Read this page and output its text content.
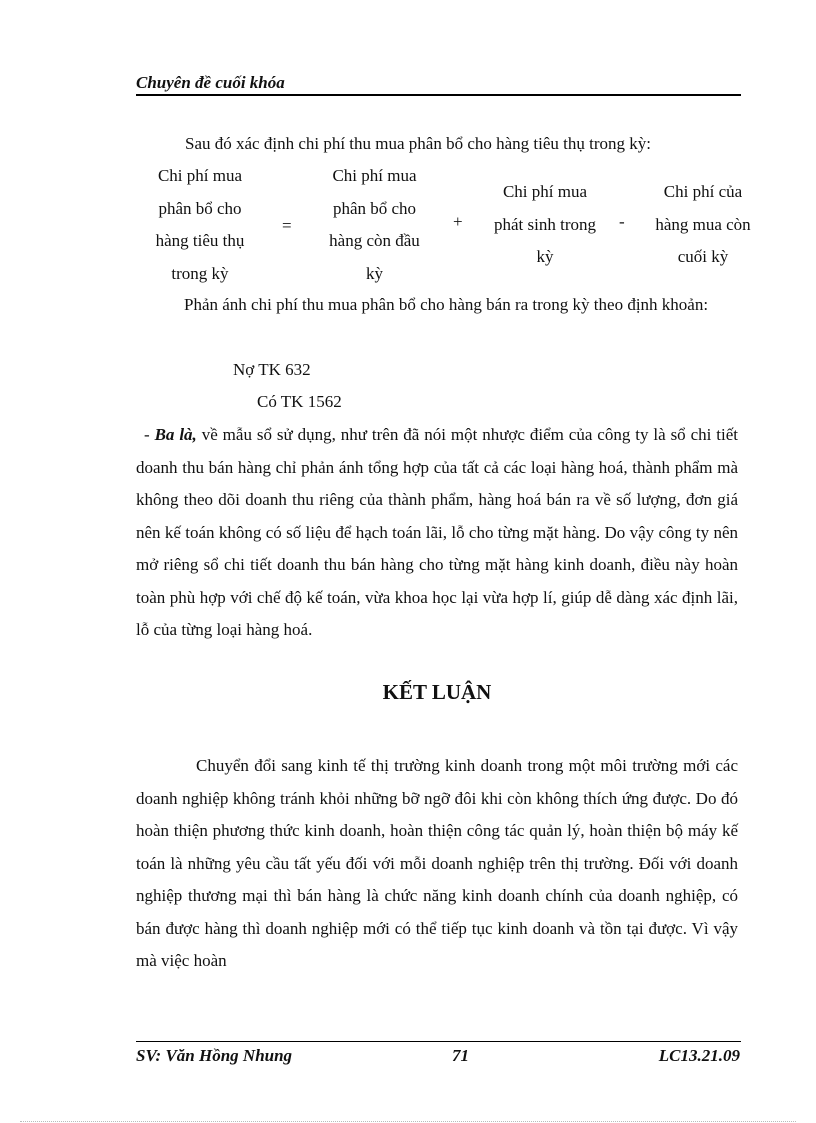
Chuyên đề cuối khóa
Sau đó xác định chi phí thu mua phân bổ cho hàng tiêu thụ trong kỳ:
Chi phí mua
phân bổ cho
hàng tiêu thụ
trong kỳ
=
Chi phí mua
phân bổ cho
hàng còn đầu
kỳ
+
Chi phí mua
phát sinh trong
kỳ
-
Chi phí của
hàng mua còn
cuối kỳ
Phản ánh chi phí thu mua phân bổ cho hàng bán ra trong kỳ theo định khoản:
Nợ TK 632
Có TK 1562
- Ba là, về mẫu sổ sử dụng, như trên đã nói một nhược điểm của công ty là sổ chi tiết doanh thu bán hàng chỉ phản ánh tổng hợp của tất cả các loại hàng hoá, thành phẩm mà không theo dõi doanh thu riêng của thành phẩm, hàng hoá bán ra về số lượng, đơn giá nên kế toán không có số liệu để hạch toán lãi, lỗ cho từng mặt hàng. Do vậy công ty nên mở riêng sổ chi tiết doanh thu bán hàng cho từng mặt hàng kinh doanh, điều này hoàn toàn phù hợp với chế độ kế toán, vừa khoa học lại vừa hợp lí, giúp dễ dàng xác định lãi, lỗ của từng loại hàng hoá.
KẾT LUẬN
Chuyển đổi sang kinh tế thị trường kinh doanh trong một môi trường mới các doanh nghiệp không tránh khỏi những bỡ ngỡ đôi khi còn không thích ứng được. Do đó hoàn thiện phương thức kinh doanh, hoàn thiện công tác quản lý, hoàn thiện bộ máy kế toán là những yêu cầu tất yếu đối với mỗi doanh nghiệp trên thị trường. Đối với doanh nghiệp thương mại thì bán hàng là chức năng kinh doanh chính của doanh nghiệp, có bán được hàng thì doanh nghiệp mới có thể tiếp tục kinh doanh và tồn tại được. Vì vậy mà việc hoàn
SV: Văn Hồng Nhung	71	LC13.21.09
